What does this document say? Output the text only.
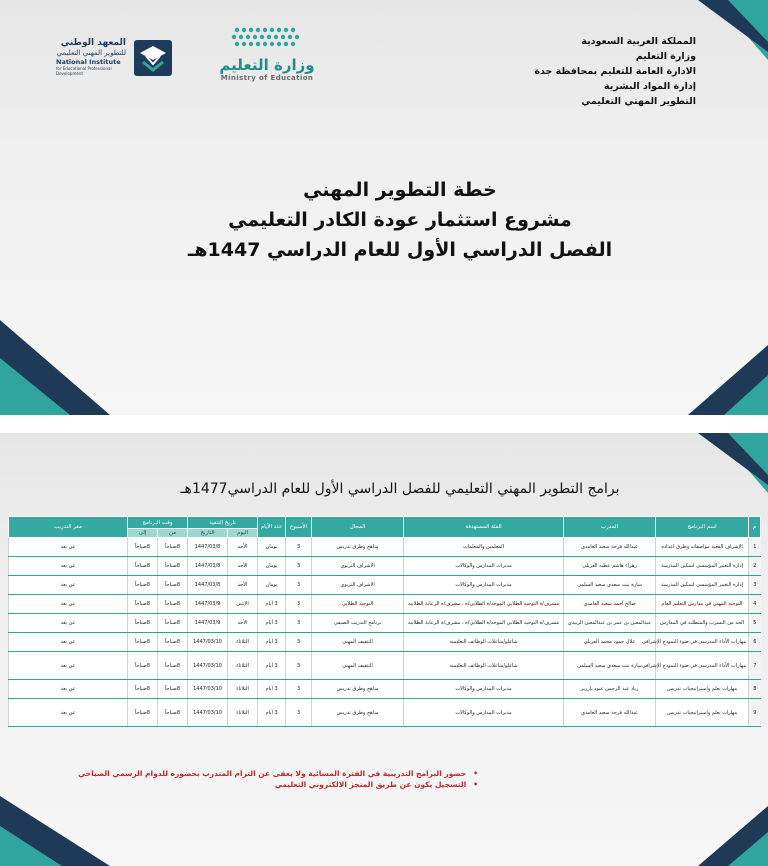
المملكة العربية السعودية
وزارة التعليم
الادارة العامة للتعليم بمحافظة جدة
إدارة المواد البشرية
التطوير المهني التعليمي
وزارة التعليم
Ministry of Education
المعهد الوطني
للتطوير المهني التعليمي
National Institute
for Educational Professional Development
خطة التطوير المهني
مشروع استثمار عودة الكادر التعليمي
الفصل الدراسي الأول للعام الدراسي 1447هـ
برامج التطوير المهني التعليمي للفصل الدراسي الأول للعام الدراسي1477هـ
م	اسم البرنامج	المدرب	الفئة المستهدفة	المجال	الأسبوع	عدد الأيام	تاريخ التنفيذ		وقت البرنامج		مقر التدريب
							اليوم	التاريخ	من	إلى	
1	الإشراف الفعيد مواصفاته وطرق اعداده	عبدالله فرحة سعيد الغامدي	المعلمين والمعلمات	مناهج وطرق تدريس	3	يومان	الأحد	1447/03/8	8صباحاً	8صباحاً	عن بعد
2	إدارة التغيير المؤسسي لتمكين المدرسة	زهراء هاشم عطية العزيلي	مديرات المدارس والوكالات	الاشراف التربوي	3	يومان	الأحد	1447/03/8	8صباحاً	8صباحاً	عن بعد
3	إدارة التغيير المؤسسي لتمكين المدرسة	سارة بنت سعدي سعيد السلمي	مديرات المدارس والوكالات	الاشراف التربوي	3	يومان	الأحد	1447/03/8	8صباحاً	8صباحاً	عن بعد
4	التوجيه المهني في مدارس التعليم العام	صالح أحمد سعيد الغامدي	مشرف/ة التوجيه الطلابي الموجه/ة الطلابي/ة ، مشرف/ة الرعاية الطلابية	التوجيه الطلابي	3	3 أيام	الإثنين	1447/03/9	8صباحاً	8صباحاً	عن بعد
5	الحد من التسرب والمتطلبة في المدارس	عبدالمعين بن عمر بن عبدالمعين الزبيدي	مشرف/ة التوجيه الطلابي الموجه/ة الطلابي/ة ، مشرف/ة الرعاية الطلابية	برنامج التدريب الصيفي	3	3 أيام	الأحد	1447/03/9	8صباحاً	8صباحاً	عن بعد
6	مهارات الأداء المدرسي في ضوء النموذج الإشرافي	علال حمود محمد العزيلي	شاغلو/شاغلات الوظائف التعليمية	التثقيف المهني	3	3 أيام	الثلاثاء	1447/03/10	8صباحاً	8صباحاً	عن بعد
7	مهارات الأداء المدرسي في ضوء النموذج الإشرافي	سارة بنت سعدي سعيد السلمي	شاغلو/شاغلات الوظائف التعليمية	التثقيف المهني	3	3 أيام	الثلاثاء	1447/03/10	8صباحاً	8صباحاً	عن بعد
8	مهارات تعلم واستراتيجيات تدريس	زياد عبد الرحمن عبود بازرير	مديرات المدارس والوكالات	مناهج وطرق تدريس	3	3 أيام	الثلاثاء	1447/03/10	8صباحاً	8صباحاً	عن بعد
9	مهارات تعلم واستراتيجيات تدريس	عبدالله فرحة سعيد الغامدي	مديرات المدارس والوكالات	مناهج وطرق تدريس	3	3 أيام	الثلاثاء	1447/03/10	8صباحاً	8صباحاً	عن بعد
•حضور البرامج التدريبية في الفترة المسائية ولا يعفى عن التزام المتدرب بحضوره للدوام الرسمي الصباحي
•التسجيل يكون عن طريق المنجز الالكتروني التعليمي
